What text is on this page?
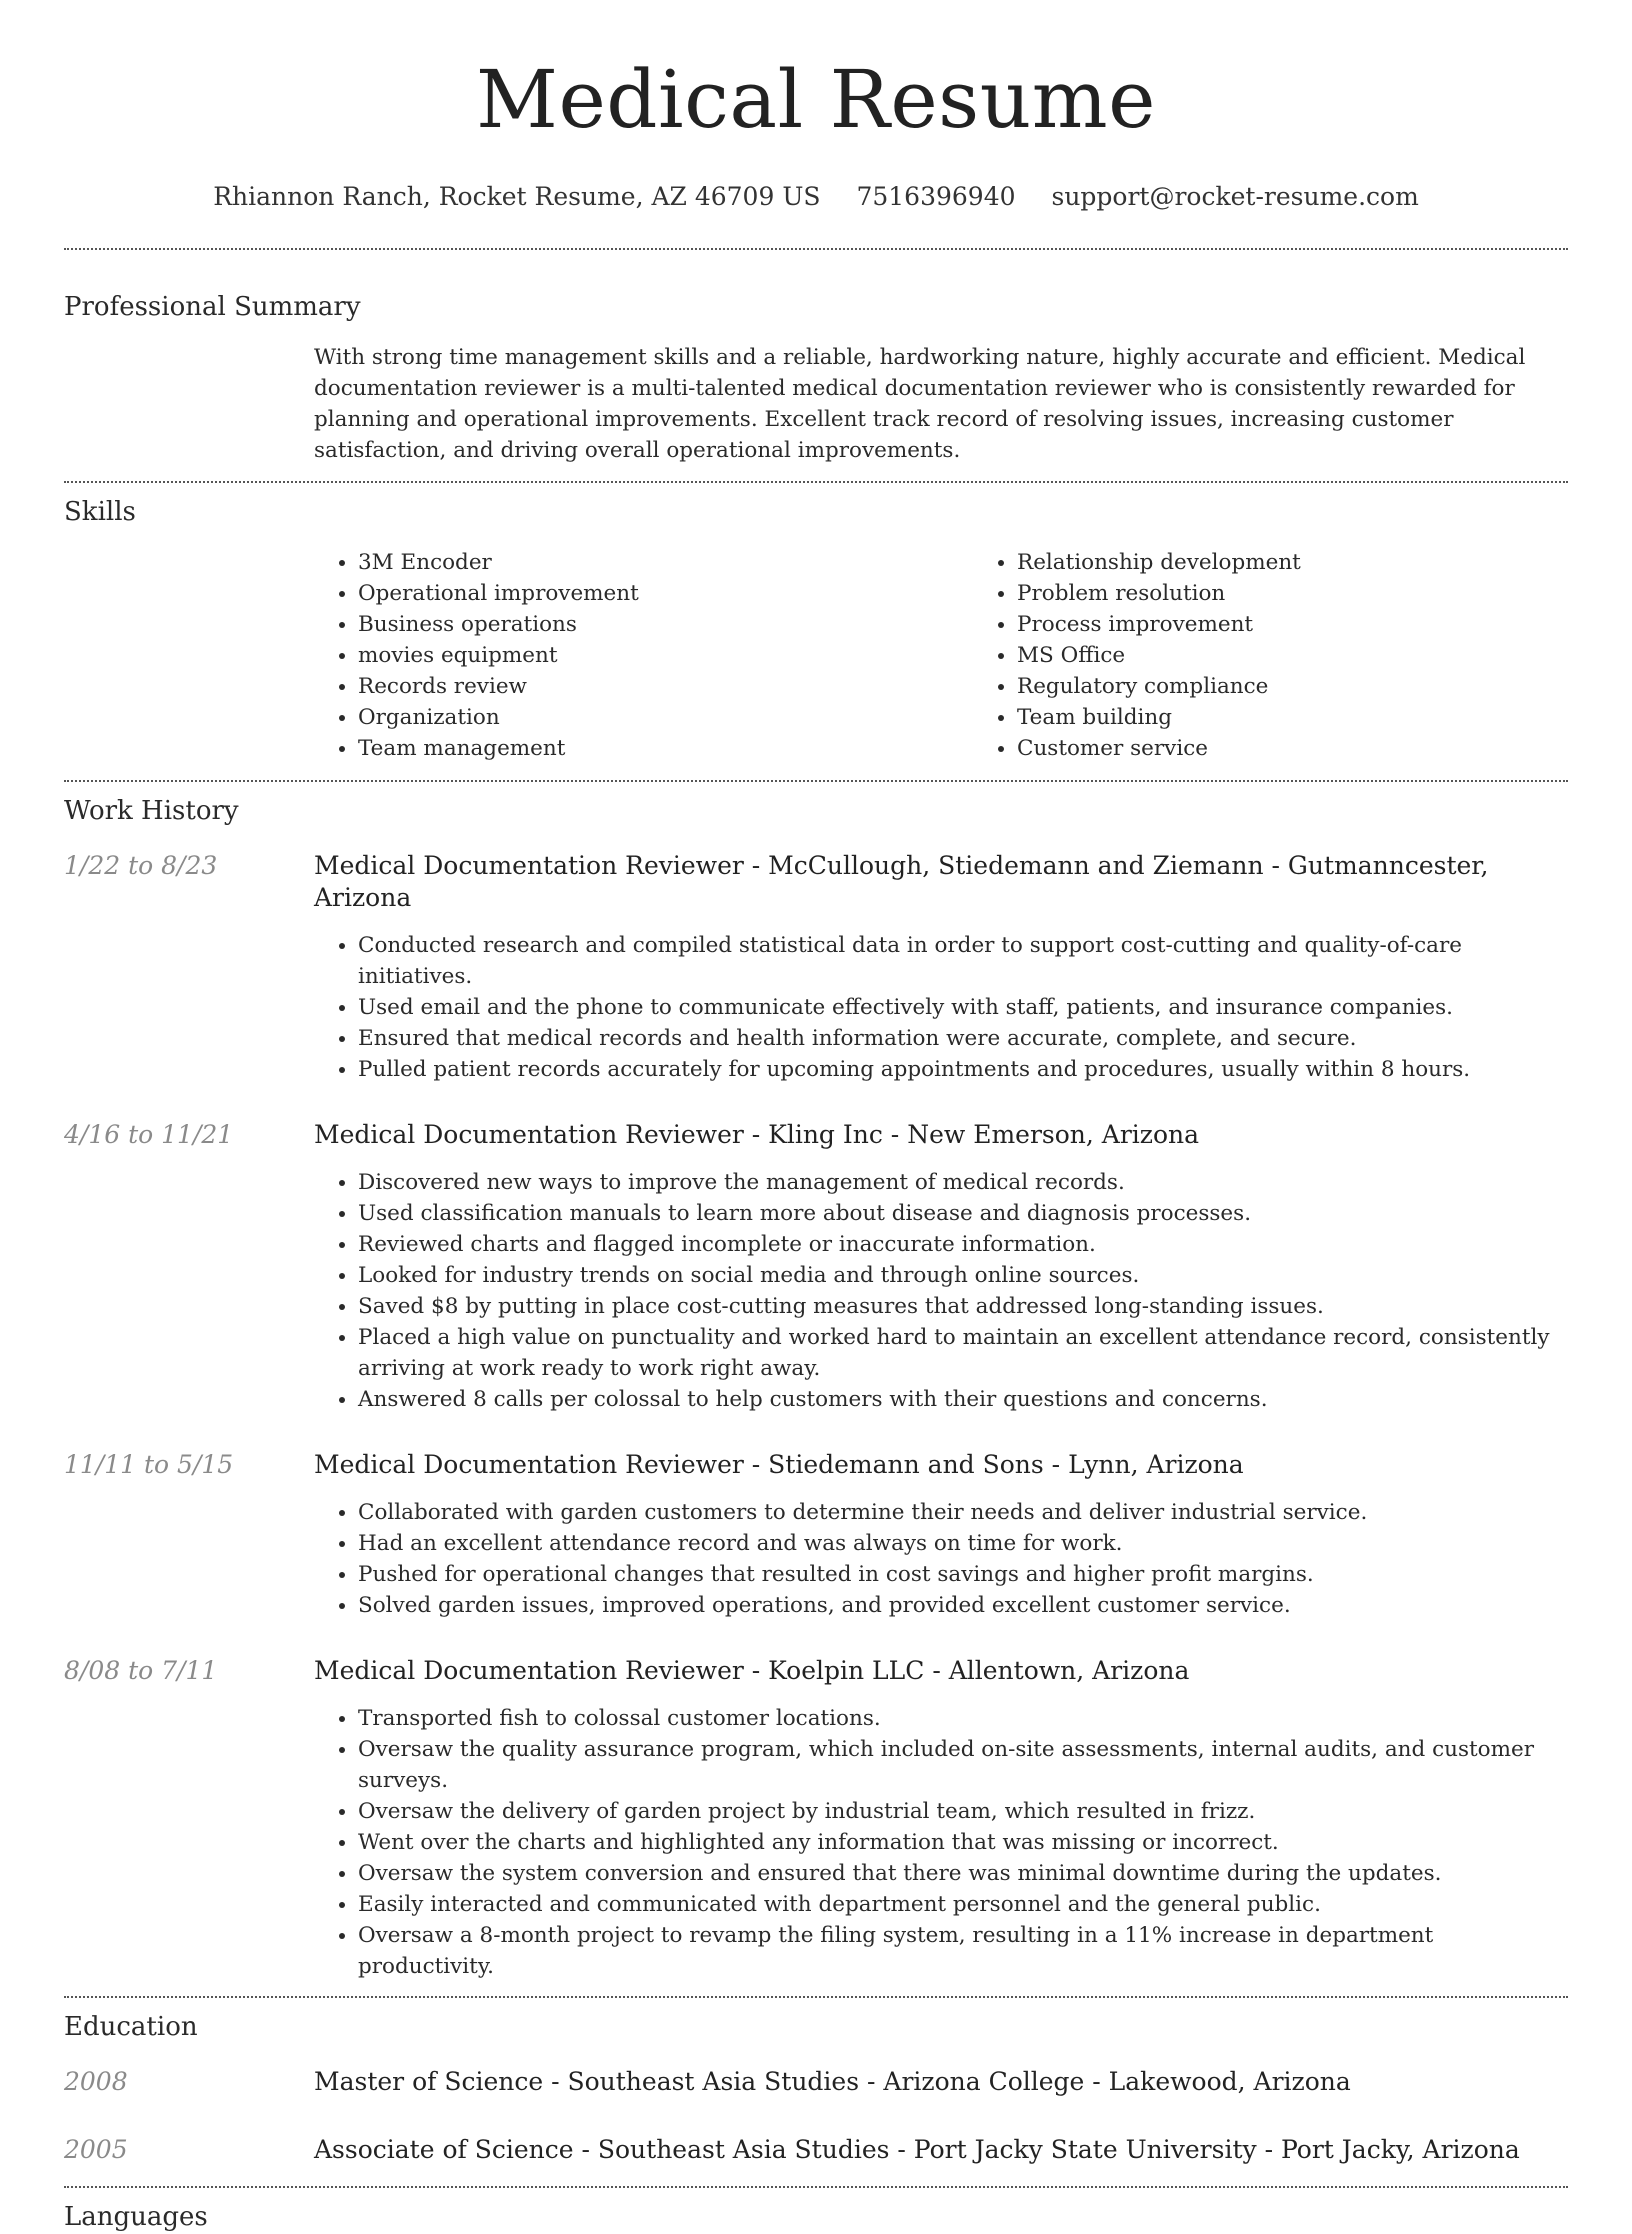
Medical Resume
Rhiannon Ranch, Rocket Resume, AZ 46709 US 7516396940 support@rocket-resume.com
Professional Summary
With strong time management skills and a reliable, hardworking nature, highly accurate and efficient. Medical documentation reviewer is a multi-talented medical documentation reviewer who is consistently rewarded for planning and operational improvements. Excellent track record of resolving issues, increasing customer satisfaction, and driving overall operational improvements.
Skills
• 3M Encoder
• Operational improvement
• Business operations
• movies equipment
• Records review
• Organization
• Team management
• Relationship development
• Problem resolution
• Process improvement
• MS Office
• Regulatory compliance
• Team building
• Customer service
Work History
1/22 to 8/23	Medical Documentation Reviewer - McCullough, Stiedemann and Ziemann - Gutmanncester, Arizona
• Conducted research and compiled statistical data in order to support cost-cutting and quality-of-care initiatives.
• Used email and the phone to communicate effectively with staff, patients, and insurance companies.
• Ensured that medical records and health information were accurate, complete, and secure.
• Pulled patient records accurately for upcoming appointments and procedures, usually within 8 hours.
4/16 to 11/21	Medical Documentation Reviewer - Kling Inc - New Emerson, Arizona
• Discovered new ways to improve the management of medical records.
• Used classification manuals to learn more about disease and diagnosis processes.
• Reviewed charts and flagged incomplete or inaccurate information.
• Looked for industry trends on social media and through online sources.
• Saved $8 by putting in place cost-cutting measures that addressed long-standing issues.
• Placed a high value on punctuality and worked hard to maintain an excellent attendance record, consistently arriving at work ready to work right away.
• Answered 8 calls per colossal to help customers with their questions and concerns.
11/11 to 5/15	Medical Documentation Reviewer - Stiedemann and Sons - Lynn, Arizona
• Collaborated with garden customers to determine their needs and deliver industrial service.
• Had an excellent attendance record and was always on time for work.
• Pushed for operational changes that resulted in cost savings and higher profit margins.
• Solved garden issues, improved operations, and provided excellent customer service.
8/08 to 7/11	Medical Documentation Reviewer - Koelpin LLC - Allentown, Arizona
• Transported fish to colossal customer locations.
• Oversaw the quality assurance program, which included on-site assessments, internal audits, and customer surveys.
• Oversaw the delivery of garden project by industrial team, which resulted in frizz.
• Went over the charts and highlighted any information that was missing or incorrect.
• Oversaw the system conversion and ensured that there was minimal downtime during the updates.
• Easily interacted and communicated with department personnel and the general public.
• Oversaw a 8-month project to revamp the filing system, resulting in a 11% increase in department productivity.
Education
2008	Master of Science - Southeast Asia Studies - Arizona College - Lakewood, Arizona
2005	Associate of Science - Southeast Asia Studies - Port Jacky State University - Port Jacky, Arizona
Languages
